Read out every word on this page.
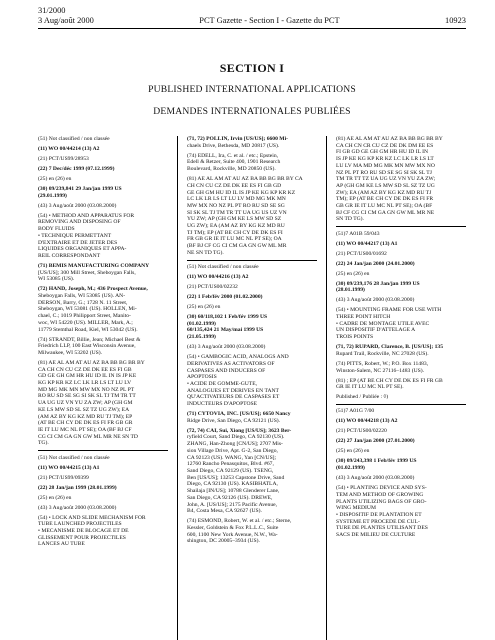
31/2000
3 Aug/août 2000	PCT Gazette - Section I - Gazette du PCT	10923
SECTION I
PUBLISHED INTERNATIONAL APPLICATIONS
DEMANDES INTERNATIONALES PUBLIÉES
(51) Not classified / non classée
(11) WO 00/44214 (13) A2
(21) PCT/US99/28953
(22) 7 Dec/déc 1999 (07.12.1999)
(25) en (26) en
(30) 09/239,841 29 Jan/jan 1999 US
(29.01.1999)
(43) 3 Aug/août 2000 (03.08.2000)
(54) • METHOD AND APPARATUS FOR
REMOVING AND DISPOSING OF
BODY FLUIDS
• TECHNIQUE PERMETTANT
D'EXTRAIRE ET DE JETER DES
LIQUIDES ORGANIQUES ET APPA-
REIL CORRESPONDANT
(71) BEMIS MANUFACTURING COMPANY
[US/US]; 300 Mill Street, Sheboygan Falls,
WI 53085 (US).
(72) HAND, Joseph, M.; 436 Prospect Avenue,
Sheboygan Falls, WI 53085 (US). AN-
DERSON, Barry, G.; 1728 N. 11 Street,
Sheboygan, WI 53081 (US). HOLLEN, Mi-
chael, C.; 1019 Philipport Street, Manito-
woc, WI 54220 (US). MILLER, Mark, A.;
11779 Stemthal Road, Kiel, WI 53042 (US).
(74) STRANDT, Billie, Jean; Michael Best &
Friedrich LLP, 100 East Wisconsin Avenue,
Milwaukee, WI 53202 (US).
(81) AE AL AM AT AU AZ BA BB BG BR BY
CA CH CN CU CZ DE DK EE ES FI GB
GD GE GH GM HR HU ID IL IN IS JP KE
KG KP KR KZ LC LK LR LS LT LU LV
MD MG MK MN MW MX NO NZ PL PT
RO RU SD SE SG SI SK SL TJ TM TR TT
UA UG UZ VN YU ZA ZW; AP (GH GM
KE LS MW SD SL SZ TZ UG ZW); EA
(AM AZ BY KG KZ MD RU TJ TM); EP
(AT BE CH CY DE DK ES FI FR GB GR
IE IT LU MC NL PT SE); OA (BF BJ CF
CG CI CM GA GN GW ML MR NE SN TD
TG).
(51) Not classified / non classée
(11) WO 00/44215 (13) A1
(21) PCT/US99/09399
(22) 28 Jan/jan 1999 (28.01.1999)
(25) en (26) en
(43) 3 Aug/août 2000 (03.08.2000)
(54) • LOCK AND SLIDE MECHANISM FOR
TUBE LAUNCHED PROJECTILES
• MECANISME DE BLOCAGE ET DE
GLISSEMENT POUR PROJECTILES
LANCES AU TUBE
(71, 72) POLLIN, Irvin [US/US]; 6600 Mi-
chaels Drive, Bethesda, MD 20817 (US).
(74) EDELL, Ira, C. et al. / etc.; Epstein,
Edell & Retzer, Suite 400, 1901 Research
Boulevard, Rockville, MD 20850 (US).
(81) AE AL AM AT AU AZ BA BB BG BR BY CA
CH CN CU CZ DE DK EE ES FI GB GD
GE GH GM HU ID IL IS JP KE KG KP KR KZ
LC LK LR LS LT LU LV MD MG MK MN
MW MX NO NZ PL PT RO RU SD SE SG
SI SK SL TJ TM TR TT UA UG US UZ VN
YU ZW; AP (GH GM KE LS MW SD SZ
UG ZW); EA (AM AZ BY KG KZ MD RU
TJ TM); EP (AT BE CH CY DE DK ES FI
FR GB GR IE IT LU MC NL PT SE); OA
(BF BJ CF CG CI CM GA GN GW ML MR
NE SN TD TG).
(51) Not classified / non classée
(11) WO 00/44216 (13) A2
(21) PCT/US00/02232
(22) 1 Feb/fév 2000 (01.02.2000)
(25) en (26) en
(30) 60/118,102 1 Feb/fév 1999 US
(01.02.1999)
60/135,424 21 May/mai 1999 US
(21.05.1999)
(43) 3 Aug/août 2000 (03.08.2000)
(54) • GAMBOGIC ACID, ANALOGS AND
DERIVATIVES AS ACTIVATORS OF
CASPASES AND INDUCERS OF
APOPTOSIS
• ACIDE DE GOMME-GUTE,
ANALOGUES ET DERIVES EN TANT
QU'ACTIVATEURS DE CASPASES ET
INDUCTEURS D'APOPTOSE
(71) CYTOVIA, INC. [US/US]; 6650 Nancy
Ridge Drive, San Diego, CA 92121 (US).
(72, 74) CAI, Sui, Xiong [US/US]; 3623 Ber-
ryfield Court, Sand Diego, CA 92130 (US).
ZHANG, Han-Zhong [CN/US]; 2707 Mis-
sion Village Drive, Apt. G-2, San Diego,
CA 92123 (US). WANG, Yan [CN/US];
12760 Rancho Penasquitos, Blvd. #67,
Sand Diego, CA 92129 (US). TSENG,
Ben [US/US]; 13253 Capstone Drive, Sand
Diego, CA 92130 (US). KASIBHATLA,
Shailaja [IN/US]; 10788 Glenderer Lane,
San Diego, CA 92126 (US). DREWE,
John, A. [US/US]; 2175 Pacific Avenue,
B4, Costa Mesa, CA 92627 (US).
(74) ESMOND, Robert, W. et al. / etc.; Sterne,
Kessler, Goldstein & Fox P.L.L.C., Suite
600, 1100 New York Avenue, N.W., Wa-
shington, DC 20005–3934 (US).
(81) AE AL AM AT AU AZ BA BB BG BR BY
CA CH CN CR CU CZ DE DK DM EE ES
FI GB GD GE GH GM HR HU ID IL IN
IS JP KE KG KP KR KZ LC LK LR LS LT
LU LV MA MD MG MK MN MW MX NO
NZ PL PT RO RU SD SE SG SI SK SL TJ
TM TR TT TZ UA UG UZ VN YU ZA ZW;
AP (GH GM KE LS MW SD SL SZ TZ UG
ZW); EA (AM AZ BY KG KZ MD RU TJ
TM); EP (AT BE CH CY DE DK ES FI FR
GB GR IE IT LU MC NL PT SE); OA (BF
BJ CF CG CI CM GA GN GW ML MR NE
SN TD TG).
(51)7 A01B 59/043
(11) WO 00/44217 (13) A1
(21) PCT/US00/01692
(22) 24 Jan/jan 2000 (24.01.2000)
(25) en (26) en
(30) 09/239,176 28 Jan/jan 1999 US
(28.01.1999)
(43) 3 Aug/août 2000 (03.08.2000)
(54) • MOUNTING FRAME FOR USE WITH
THREE POINT HITCH
• CADRE DE MONTAGE UTILE AVEC
UN DISPOSITIF D'ATTELAGE A
TROIS POINTS
(71, 72) RUPARD, Clarence, B. [US/US]; 135
Rupard Trail, Rockville, NC 27028 (US).
(74) PITTS, Robert, W.; P.O. Box 11483,
Winston-Salem, NC 27116–1483 (US).
(81) ; EP (AT BE CH CY DE DK ES FI FR GB
GR IE IT LU MC NL PT SE).
Published / Publiée : ◊)
(51)7 A01G 7/00
(11) WO 00/44218 (13) A2
(21) PCT/US00/02220
(22) 27 Jan/jan 2000 (27.01.2000)
(25) en (26) en
(30) 09/243,398 1 Feb/fév 1999 US
(01.02.1999)
(43) 3 Aug/août 2000 (03.08.2000)
(54) • PLANTING DEVICE AND SYS-
TEM AND METHOD OF GROWING
PLANTS UTILIZING BAGS OF GRO-
WING MEDIUM
• DISPOSITIF DE PLANTATION ET
SYSTEME ET PROCEDE DE CUL-
TURE DE PLANTES UTILISANT DES
SACS DE MILIEU DE CULTURE
